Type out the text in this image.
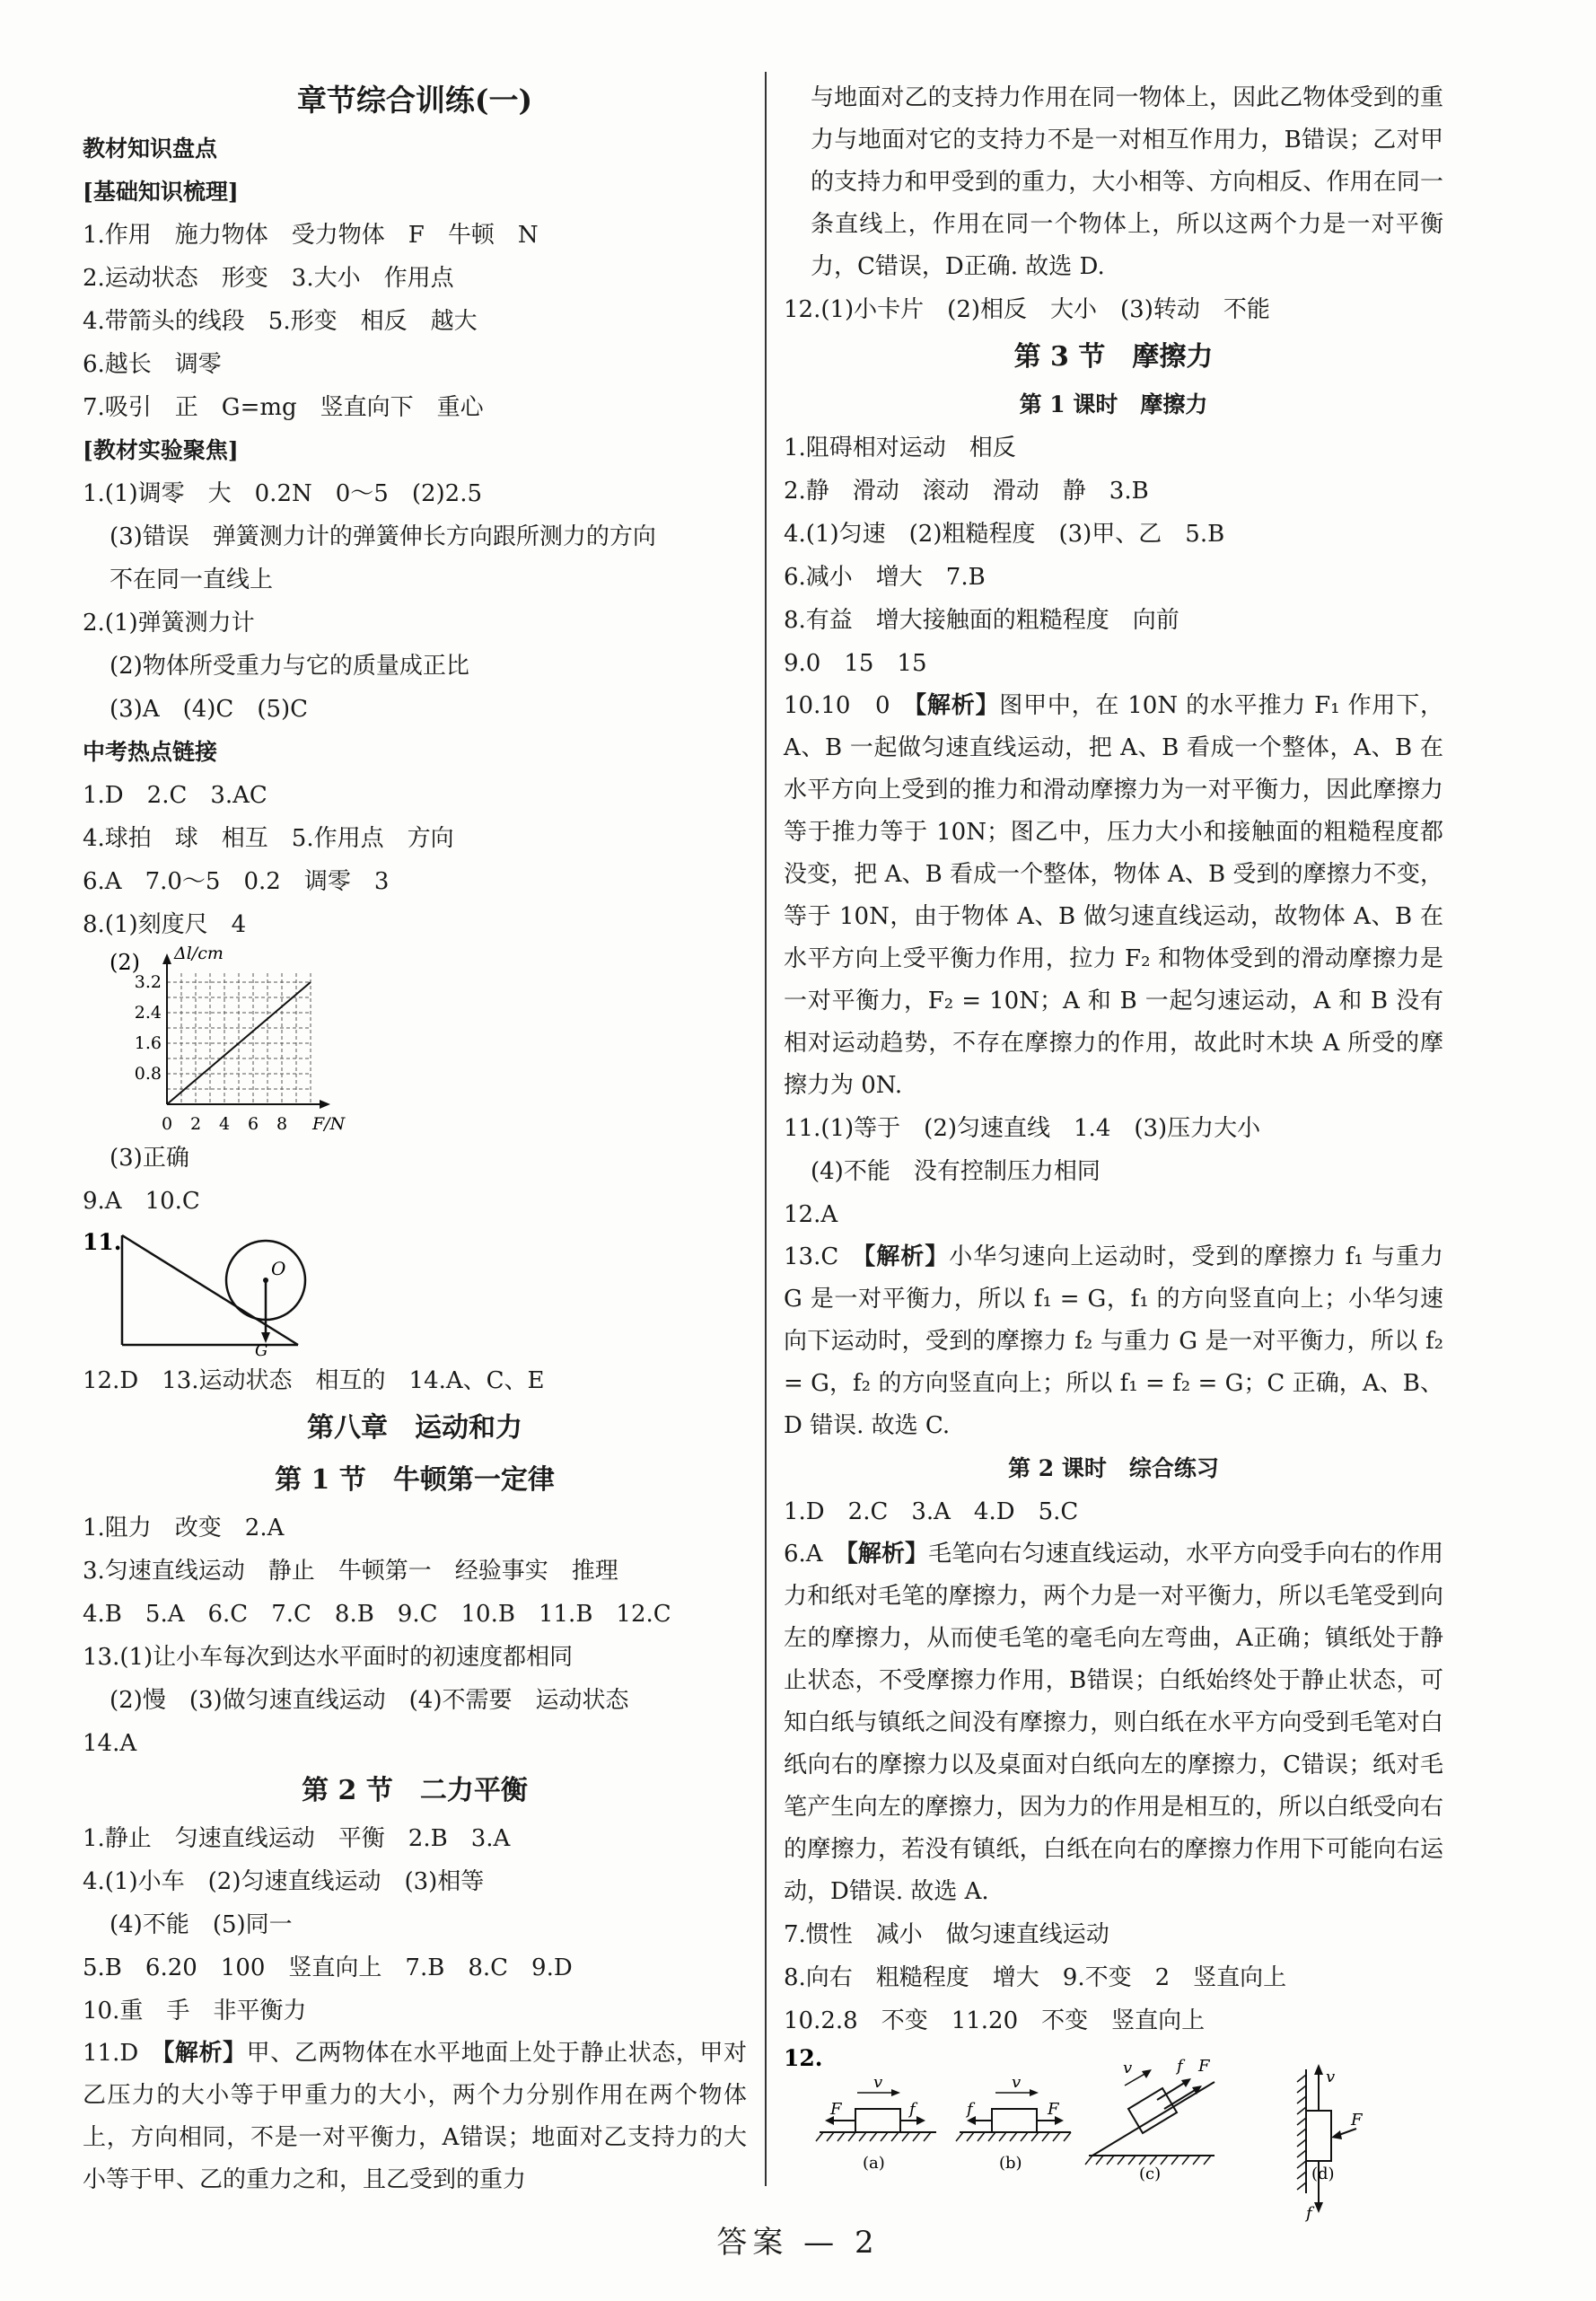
章节综合训练(一)
教材知识盘点
[基础知识梳理]
1.作用　施力物体　受力物体　F　牛顿　N
2.运动状态　形变　3.大小　作用点
4.带箭头的线段　5.形变　相反　越大
6.越长　调零
7.吸引　正　G=mg　竖直向下　重心
[教材实验聚焦]
1.(1)调零　大　0.2N　0～5　(2)2.5
(3)错误　弹簧测力计的弹簧伸长方向跟所测力的方向
不在同一直线上
2.(1)弹簧测力计
(2)物体所受重力与它的质量成正比
(3)A　(4)C　(5)C
中考热点链接
1.D　2.C　3.AC
4.球拍　球　相互　5.作用点　方向
6.A　7.0～5　0.2　调零　3
8.(1)刻度尺　4
(2) Δl/cm
F/N
3.2
2.4
1.6
0.8
0 2 4 6 8
(3)正确
9.A　10.C
11.
O
G
12.D　13.运动状态　相互的　14.A、C、E
第八章　运动和力
第 1 节　牛顿第一定律
1.阻力　改变　2.A
3.匀速直线运动　静止　牛顿第一　经验事实　推理
4.B　5.A　6.C　7.C　8.B　9.C　10.B　11.B　12.C
13.(1)让小车每次到达水平面时的初速度都相同
(2)慢　(3)做匀速直线运动　(4)不需要　运动状态
14.A
第 2 节　二力平衡
1.静止　匀速直线运动　平衡　2.B　3.A
4.(1)小车　(2)匀速直线运动　(3)相等
(4)不能　(5)同一
5.B　6.20　100　竖直向上　7.B　8.C　9.D
10.重　手　非平衡力
11.D　【解析】甲、乙两物体在水平地面上处于静止状态，甲对乙压力的大小等于甲重力的大小，两个力分别作用在两个物体上，方向相同，不是一对平衡力，A错误；地面对乙支持力的大小等于甲、乙的重力之和，且乙受到的重力
与地面对乙的支持力作用在同一物体上，因此乙物体受到的重力与地面对它的支持力不是一对相互作用力，B错误；乙对甲的支持力和甲受到的重力，大小相等、方向相反、作用在同一条直线上，作用在同一个物体上，所以这两个力是一对平衡力，C错误，D正确. 故选 D.
12.(1)小卡片　(2)相反　大小　(3)转动　不能
第 3 节　摩擦力
第 1 课时　摩擦力
1.阻碍相对运动　相反
2.静　滑动　滚动　滑动　静　3.B
4.(1)匀速　(2)粗糙程度　(3)甲、乙　5.B
6.减小　增大　7.B
8.有益　增大接触面的粗糙程度　向前
9.0　15　15
10.10　0　【解析】图甲中，在 10N 的水平推力 F₁ 作用下，A、B 一起做匀速直线运动，把 A、B 看成一个整体，A、B 在水平方向上受到的推力和滑动摩擦力为一对平衡力，因此摩擦力等于推力等于 10N；图乙中，压力大小和接触面的粗糙程度都没变，把 A、B 看成一个整体，物体 A、B 受到的摩擦力不变，等于 10N，由于物体 A、B 做匀速直线运动，故物体 A、B 在水平方向上受平衡力作用，拉力 F₂ 和物体受到的滑动摩擦力是一对平衡力，F₂ = 10N；A 和 B 一起匀速运动，A 和 B 没有相对运动趋势，不存在摩擦力的作用，故此时木块 A 所受的摩擦力为 0N.
11.(1)等于　(2)匀速直线　1.4　(3)压力大小
(4)不能　没有控制压力相同
12.A
13.C　【解析】小华匀速向上运动时，受到的摩擦力 f₁ 与重力 G 是一对平衡力，所以 f₁ = G，f₁ 的方向竖直向上；小华匀速向下运动时，受到的摩擦力 f₂ 与重力 G 是一对平衡力，所以 f₂ = G，f₂ 的方向竖直向上；所以 f₁ = f₂ = G；C 正确，A、B、D 错误. 故选 C.
第 2 课时　综合练习
1.D　2.C　3.A　4.D　5.C
6.A　【解析】毛笔向右匀速直线运动，水平方向受手向右的作用力和纸对毛笔的摩擦力，两个力是一对平衡力，所以毛笔受到向左的摩擦力，从而使毛笔的毫毛向左弯曲，A正确；镇纸处于静止状态，不受摩擦力作用，B错误；白纸始终处于静止状态，可知白纸与镇纸之间没有摩擦力，则白纸在水平方向受到毛笔对白纸向右的摩擦力以及桌面对白纸向左的摩擦力，C错误；纸对毛笔产生向左的摩擦力，因为力的作用是相互的，所以白纸受向右的摩擦力，若没有镇纸，白纸在向右的摩擦力作用下可能向右运动，D错误. 故选 A.
7.惯性　减小　做匀速直线运动
8.向右　粗糙程度　增大　9.不变　2　竖直向上
10.2.8　不变　11.20　不变　竖直向上
12.
v
F	f
(a)
v
f	F
(b)
v	f F
(c)
v
F
f
(d)
答案 — 2
